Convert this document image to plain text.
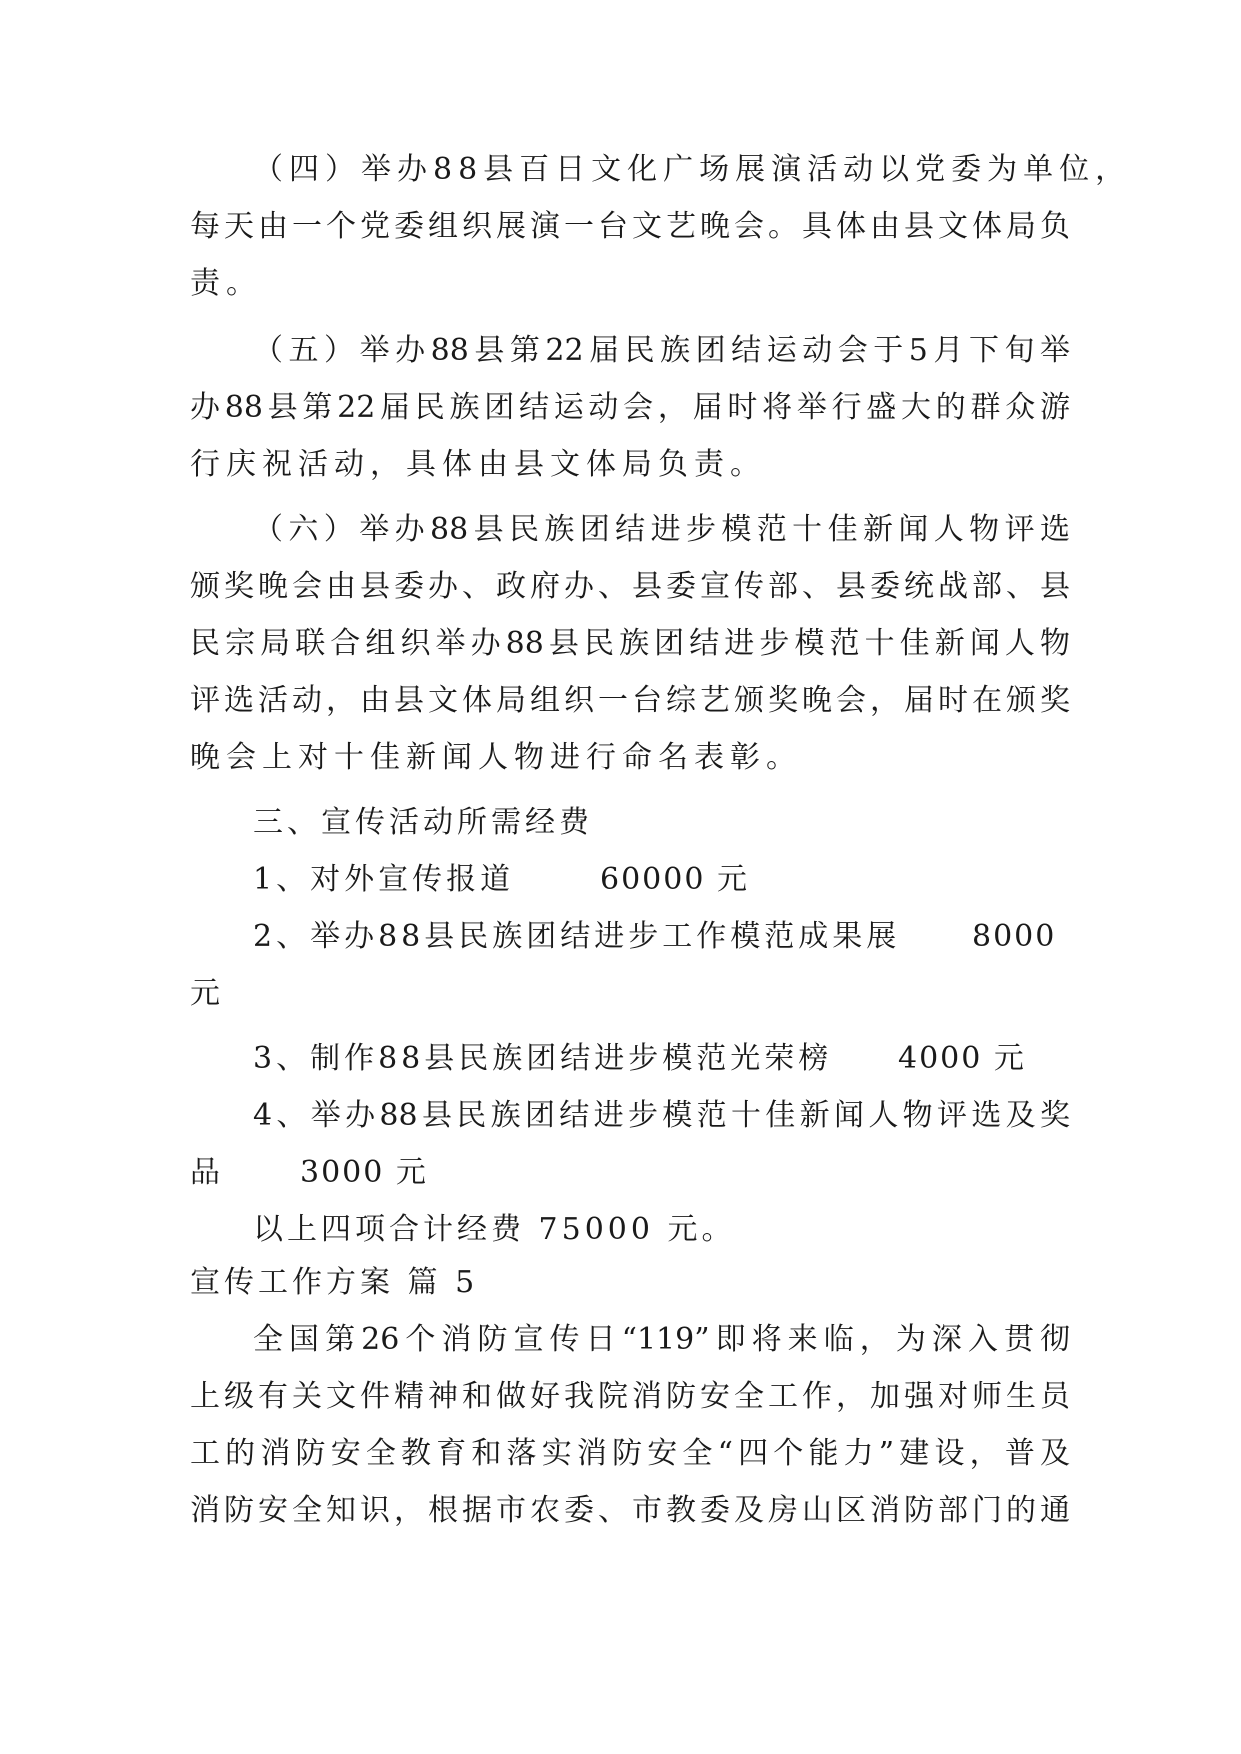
（四）举办88县百日文化广场展演活动以党委为单位，
每天由一个党委组织展演一台文艺晚会。具体由县文体局负
责。
（五）举办88县第22届民族团结运动会于5月下旬举
办88县第22届民族团结运动会，届时将举行盛大的群众游
行庆祝活动，具体由县文体局负责。
（六）举办88县民族团结进步模范十佳新闻人物评选
颁奖晚会由县委办、政府办、县委宣传部、县委统战部、县
民宗局联合组织举办88县民族团结进步模范十佳新闻人物
评选活动，由县文体局组织一台综艺颁奖晚会，届时在颁奖
晚会上对十佳新闻人物进行命名表彰。
三、宣传活动所需经费
1、对外宣传报道	60000 元
2、举办88县民族团结进步工作模范成果展 8000
元
3、制作88县民族团结进步模范光荣榜	4000 元
4、举办88县民族团结进步模范十佳新闻人物评选及奖
品	3000 元
以上四项合计经费 75000 元。
宣传工作方案 篇 5
全国第26个消防宣传日“119”即将来临，为深入贯彻
上级有关文件精神和做好我院消防安全工作，加强对师生员
工的消防安全教育和落实消防安全“四个能力”建设，普及
消防安全知识，根据市农委、市教委及房山区消防部门的通
